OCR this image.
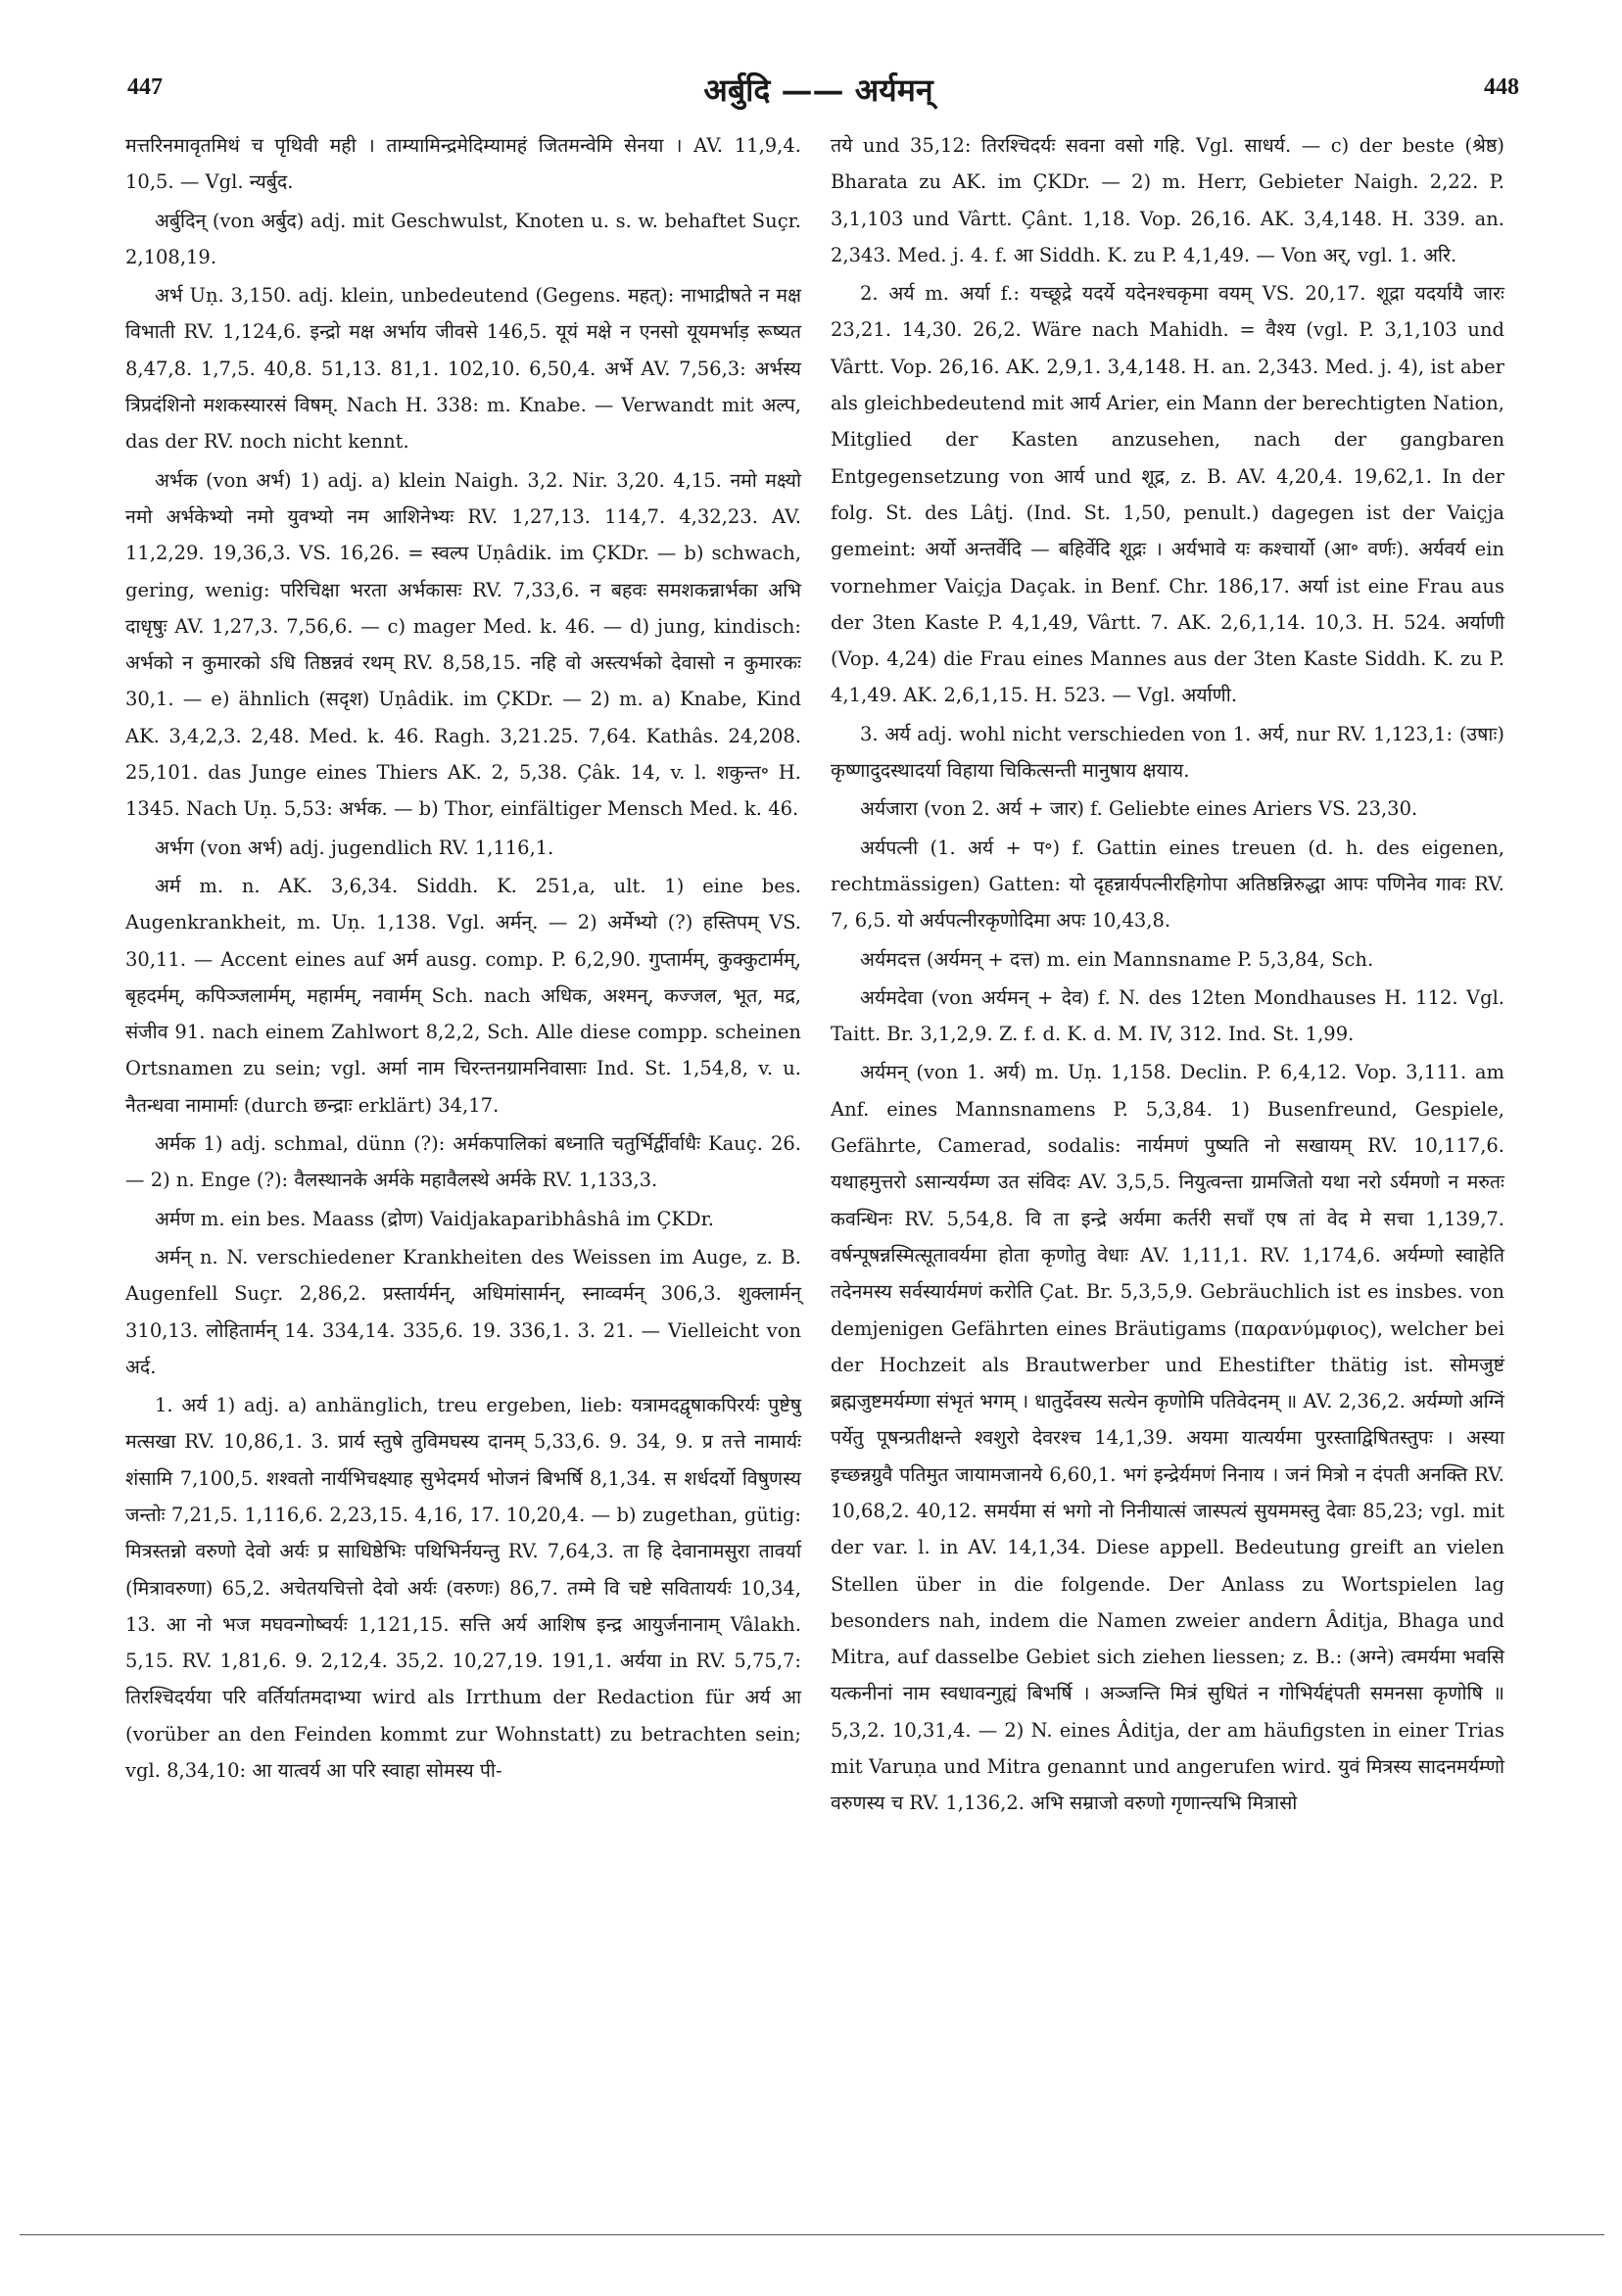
447	अर्बुदि —— अर्यमन्	448

मत्तरिनमावृतमिथं च पृथिवी मही । ताम्यामिन्द्रमेदिम्यामहं जितमन्वेमि सेनया । AV. 11,9,4. 10,5. — Vgl. न्यर्बुद.

अर्बुदिन् (von अर्बुद) adj. mit Geschwulst, Knoten u. s. w. behaftet Suçr. 2,108,19.

अर्भ Uṇ. 3,150. adj. klein, unbedeutend (Gegens. महत्): नाभाद्रीषते न मक्ष विभाती RV. 1,124,6. इन्द्रो मक्ष अर्भाय जीवसे 146,5. यूयं मक्षे न एनसो यूयमर्भाड़ रूष्यत 8,47,8. 1,7,5. 40,8. 51,13. 81,1. 102,10. 6,50,4. अर्भे AV. 7,56,3: अर्भस्य त्रिप्रदंशिनो मशकस्यारसं विषम्. Nach H. 338: m. Knabe. — Verwandt mit अल्प, das der RV. noch nicht kennt.

अर्भक (von अर्भ) 1) adj. a) klein Naigh. 3,2. Nir. 3,20. 4,15. नमो मक्ष्यो नमो अर्भकेभ्यो नमो युवभ्यो नम आशिनेभ्यः RV. 1,27,13. 114,7. 4,32,23. AV. 11,2,29. 19,36,3. VS. 16,26. = स्वल्प Uṇâdik. im ÇKDr. — b) schwach, gering, wenig: परिचिक्षा भरता अर्भकासः RV. 7,33,6. न बहवः समशकन्नार्भका अभि दाधृषुः AV. 1,27,3. 7,56,6. — c) mager Med. k. 46. — d) jung, kindisch: अर्भको न कुमारको ऽधि तिष्ठन्नवं रथम् RV. 8,58,15. नहि वो अस्त्यर्भको देवासो न कुमारकः 30,1. — e) ähnlich (सदृश) Uṇâdik. im ÇKDr. — 2) m. a) Knabe, Kind AK. 3,4,2,3. 2,48. Med. k. 46. Ragh. 3,21.25. 7,64. Kathâs. 24,208. 25,101. das Junge eines Thiers AK. 2, 5,38. Çâk. 14, v. l. शकुन्त॰ H. 1345. Nach Uṇ. 5,53: अर्भक. — b) Thor, einfältiger Mensch Med. k. 46.

अर्भग (von अर्भ) adj. jugendlich RV. 1,116,1.

अर्म m. n. AK. 3,6,34. Siddh. K. 251,a, ult. 1) eine bes. Augenkrankheit, m. Uṇ. 1,138. Vgl. अर्मन्. — 2) अर्मेभ्यो (?) हस्तिपम् VS. 30,11. — Accent eines auf अर्म ausg. comp. P. 6,2,90. गुप्तार्मम्, कुक्कुटार्मम्, बृहदर्मम्, कपिञ्जलार्मम्, महार्मम्, नवार्मम् Sch. nach अधिक, अश्मन्, कज्जल, भूत, मद्र, संजीव 91. nach einem Zahlwort 8,2,2, Sch. Alle diese compp. scheinen Ortsnamen zu sein; vgl. अर्मा नाम चिरन्तनग्रामनिवासाः Ind. St. 1,54,8, v. u. नैतन्धवा नामार्माः (durch छन्द्राः erklärt) 34,17.

अर्मक 1) adj. schmal, dünn (?): अर्मकपालिकां बध्नाति चतुर्भिर्द्वीर्वाधैः Kauç. 26. — 2) n. Enge (?): वैलस्थानके अर्मके महावैलस्थे अर्मके RV. 1,133,3.

अर्मण m. ein bes. Maass (द्रोण) Vaidjakaparibhâshâ im ÇKDr.

अर्मन् n. N. verschiedener Krankheiten des Weissen im Auge, z. B. Augenfell Suçr. 2,86,2. प्रस्तार्यर्मन्, अधिमांसार्मन्, स्नाव्वर्मन् 306,3. शुक्लार्मन् 310,13. लोहितार्मन् 14. 334,14. 335,6. 19. 336,1. 3. 21. — Vielleicht von अर्द.

1. अर्य 1) adj. a) anhänglich, treu ergeben, lieb: यत्रामदद्वृषाकपिरर्यः पुष्टेषु मत्सखा RV. 10,86,1. 3. प्रार्य स्तुषे तुविमघस्य दानम् 5,33,6. 9. 34, 9. प्र तत्ते नामार्यः शंसामि 7,100,5. शश्वतो नार्यभिचक्ष्याह सुभेदमर्य भोजनं बिभर्षि 8,1,34. स शर्धदर्यो विषुणस्य जन्तोः 7,21,5. 1,116,6. 2,23,15. 4,16, 17. 10,20,4. — b) zugethan, gütig: मित्रस्तन्नो वरुणो देवो अर्यः प्र साधिष्ठेभिः पथिभिर्नयन्तु RV. 7,64,3. ता हि देवानामसुरा तावर्या (मित्रावरुणा) 65,2. अचेतयचित्तो देवो अर्यः (वरुणः) 86,7. तम्मे वि चष्टे सवितायर्यः 10,34, 13. आ नो भज मघवन्गोष्वर्यः 1,121,15. सत्ति अर्य आशिष इन्द्र आयुर्जनानाम् Vâlakh. 5,15. RV. 1,81,6. 9. 2,12,4. 35,2. 10,27,19. 191,1. अर्यया in RV. 5,75,7: तिरश्चिदर्यया परि वर्तिर्यातमदाभ्या wird als Irrthum der Redaction für अर्य आ (vorüber an den Feinden kommt zur Wohnstatt) zu betrachten sein; vgl. 8,34,10: आ यात्वर्य आ परि स्वाहा सोमस्य पी-

तये und 35,12: तिरश्चिदर्यः सवना वसो गहि. Vgl. साधर्य. — c) der beste (श्रेष्ठ) Bharata zu AK. im ÇKDr. — 2) m. Herr, Gebieter Naigh. 2,22. P. 3,1,103 und Vârtt. Çânt. 1,18. Vop. 26,16. AK. 3,4,148. H. 339. an. 2,343. Med. j. 4. f. आ Siddh. K. zu P. 4,1,49. — Von अर्, vgl. 1. अरि.

2. अर्य m. अर्या f.: यच्छूद्रे यदर्ये यदेनश्चकृमा वयम् VS. 20,17. शूद्रा यदर्यायै जारः 23,21. 14,30. 26,2. Wäre nach Mahidh. = वैश्य (vgl. P. 3,1,103 und Vârtt. Vop. 26,16. AK. 2,9,1. 3,4,148. H. an. 2,343. Med. j. 4), ist aber als gleichbedeutend mit आर्य Arier, ein Mann der berechtigten Nation, Mitglied der Kasten anzusehen, nach der gangbaren Entgegensetzung von आर्य und शूद्र, z. B. AV. 4,20,4. 19,62,1. In der folg. St. des Lâṭj. (Ind. St. 1,50, penult.) dagegen ist der Vaiçja gemeint: अर्यो अन्तर्वेदि — बहिर्वेदि शूद्रः । अर्यभावे यः कश्चार्यो (आ॰ वर्णः). अर्यवर्य ein vornehmer Vaiçja Daçak. in Benf. Chr. 186,17. अर्या ist eine Frau aus der 3ten Kaste P. 4,1,49, Vârtt. 7. AK. 2,6,1,14. 10,3. H. 524. अर्याणी (Vop. 4,24) die Frau eines Mannes aus der 3ten Kaste Siddh. K. zu P. 4,1,49. AK. 2,6,1,15. H. 523. — Vgl. अर्याणी.

3. अर्य adj. wohl nicht verschieden von 1. अर्य, nur RV. 1,123,1: (उषाः) कृष्णादुदस्थादर्या विहाया चिकित्सन्ती मानुषाय क्षयाय.

अर्यजारा (von 2. अर्य + जार) f. Geliebte eines Ariers VS. 23,30.

अर्यपत्नी (1. अर्य + प॰) f. Gattin eines treuen (d. h. des eigenen, rechtmässigen) Gatten: यो दृहन्नार्यपत्नीरहिगोपा अतिष्ठन्निरुद्धा आपः पणिनेव गावः RV. 7, 6,5. यो अर्यपत्नीरकृणोदिमा अपः 10,43,8.

अर्यमदत्त (अर्यमन् + दत्त) m. ein Mannsname P. 5,3,84, Sch.

अर्यमदेवा (von अर्यमन् + देव) f. N. des 12ten Mondhauses H. 112. Vgl. Taitt. Br. 3,1,2,9. Z. f. d. K. d. M. IV, 312. Ind. St. 1,99.

अर्यमन् (von 1. अर्य) m. Uṇ. 1,158. Declin. P. 6,4,12. Vop. 3,111. am Anf. eines Mannsnamens P. 5,3,84. 1) Busenfreund, Gespiele, Gefährte, Camerad, sodalis: नार्यमणं पुष्यति नो सखायम् RV. 10,117,6. यथाहमुत्तरो ऽसान्यर्यम्ण उत संविदः AV. 3,5,5. नियुत्वन्ता ग्रामजितो यथा नरो ऽर्यमणो न मरुतः कवन्धिनः RV. 5,54,8. वि ता इन्द्रे अर्यमा कर्तरी सचाँ एष तां वेद मे सचा 1,139,7. वर्षन्पूषन्नस्मित्सूतावर्यमा होता कृणोतु वेधाः AV. 1,11,1. RV. 1,174,6. अर्यम्णो स्वाहेति तदेनमस्य सर्वस्यार्यमणं करोति Çat. Br. 5,3,5,9. Gebräuchlich ist es insbes. von demjenigen Gefährten eines Bräutigams (παρανύμφιος), welcher bei der Hochzeit als Brautwerber und Ehestifter thätig ist. सोमजुष्टं ब्रह्मजुष्टमर्यम्णा संभृतं भगम् । धातुर्देवस्य सत्येन कृणोमि पतिवेदनम् ॥ AV. 2,36,2. अर्यम्णो अग्निं पर्येतु पूषन्प्रतीक्षन्ते श्वशुरो देवरश्च 14,1,39. अयमा यात्यर्यमा पुरस्ताद्विषितस्तुपः । अस्या इच्छन्नग्रुवै पतिमुत जायामजानये 6,60,1. भगं इन्द्रेर्यमणं निनाय । जनं मित्रो न दंपती अनक्ति RV. 10,68,2. 40,12. समर्यमा सं भगो नो निनीयात्सं जास्पत्यं सुयममस्तु देवाः 85,23; vgl. mit der var. l. in AV. 14,1,34. Diese appell. Bedeutung greift an vielen Stellen über in die folgende. Der Anlass zu Wortspielen lag besonders nah, indem die Namen zweier andern Âditja, Bhaga und Mitra, auf dasselbe Gebiet sich ziehen liessen; z. B.: (अग्ने) त्वमर्यमा भवसि यत्कनीनां नाम स्वधावन्गुह्यं बिभर्षि । अञ्जन्ति मित्रं सुधितं न गोभिर्यद्दंपती समनसा कृणोषि ॥ 5,3,2. 10,31,4. — 2) N. eines Âditja, der am häufigsten in einer Trias mit Varuṇa und Mitra genannt und angerufen wird. युवं मित्रस्य सादनमर्यम्णो वरुणस्य च RV. 1,136,2. अभि सम्राजो वरुणो गृणान्त्यभि मित्रासो
